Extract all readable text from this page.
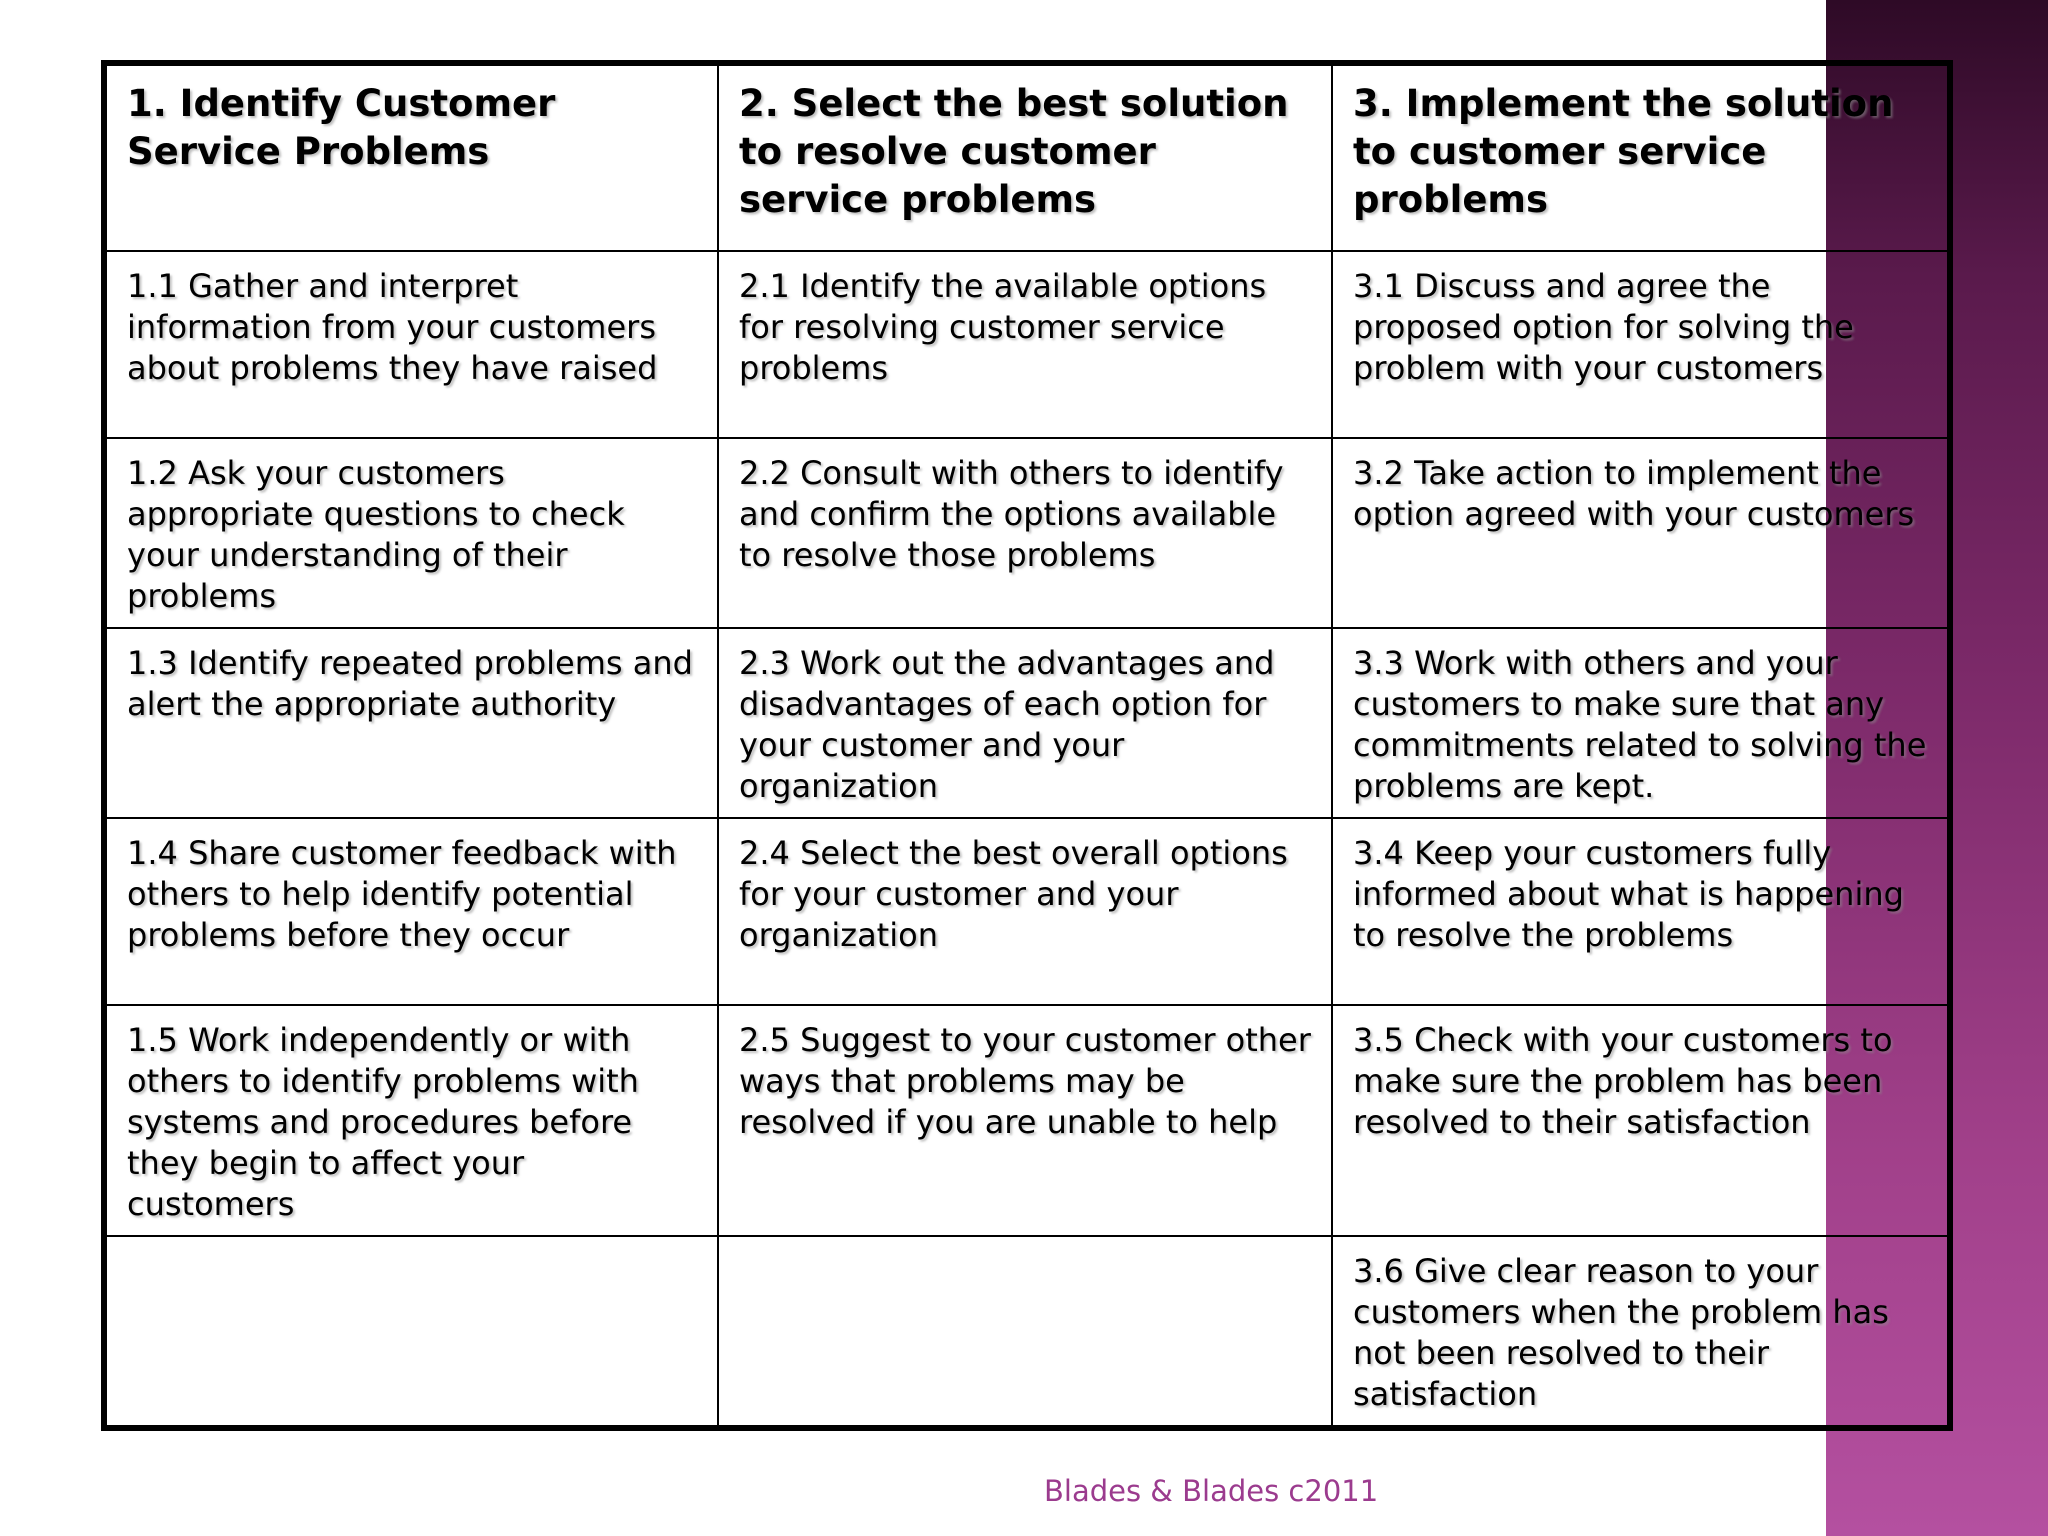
1. Identify Customer Service Problems	2. Select the best solution to resolve customer service problems	3. Implement the solution to customer service problems

1.1 Gather and interpret information from your customers about problems they have raised	2.1 Identify the available options for resolving customer service problems	3.1 Discuss and agree the proposed option for solving the problem with your customers

1.2 Ask your customers appropriate questions to check your understanding of their problems	2.2 Consult with others to identify and confirm the options available to resolve those problems	3.2 Take action to implement the option agreed with your customers

1.3 Identify repeated problems and alert the appropriate authority	2.3 Work out the advantages and disadvantages of each option for your customer and your organization	3.3 Work with others and your customers to make sure that any commitments related to solving the problems are kept.

1.4 Share customer feedback with others to help identify potential problems before they occur	2.4 Select the best overall options for your customer and your organization	3.4 Keep your customers fully informed about what is happening to resolve the problems

1.5 Work independently or with others to identify problems with systems and procedures before they begin to affect your customers	2.5 Suggest to your customer other ways that problems may be resolved if you are unable to help	3.5 Check with your customers to make sure the problem has been resolved to their satisfaction

		3.6 Give clear reason to your customers when the problem has not been resolved to their satisfaction
Blades & Blades c2011
